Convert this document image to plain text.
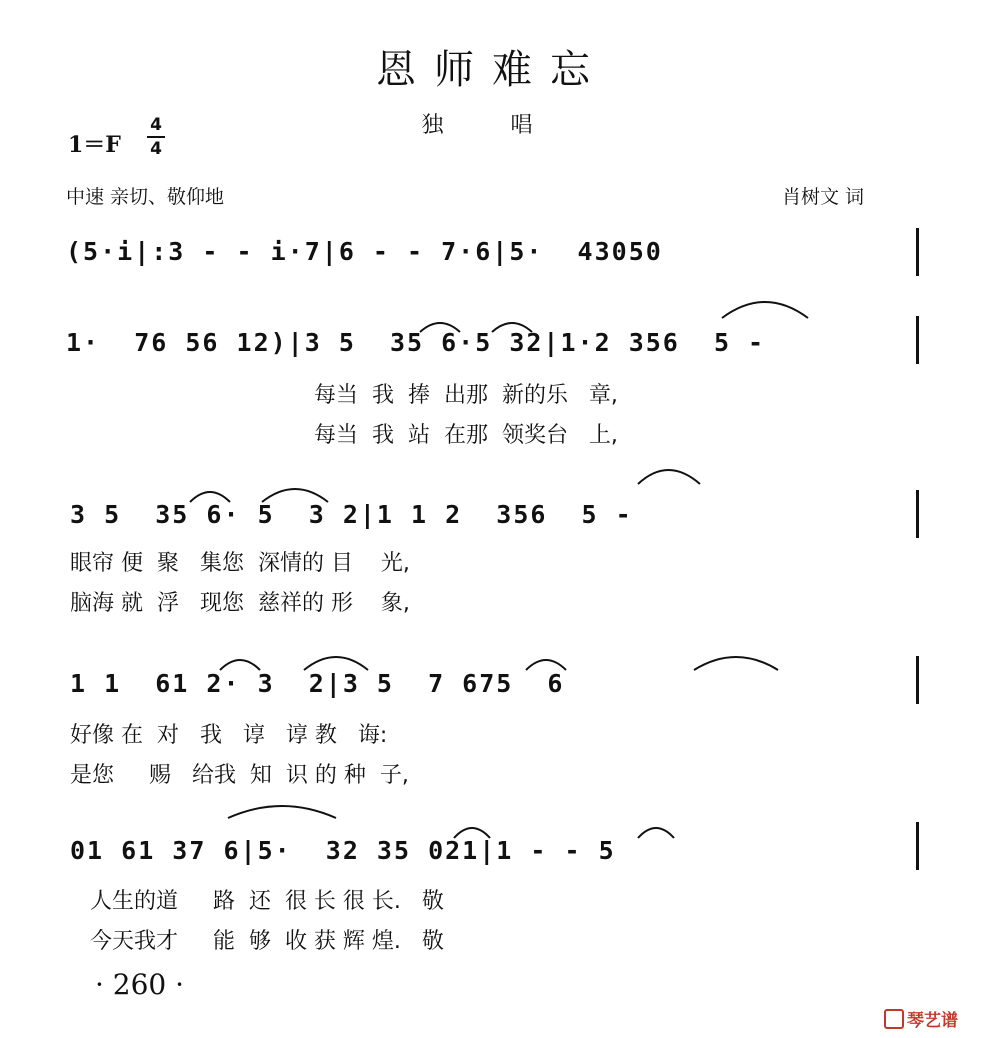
恩师难忘
独 唱
1＝F
4
4
中速 亲切、敬仰地	肖树文 词
(5·i|:3 - - i·7|6 - - 7·6|5·  43050
1·  76 56 12)|3 5  35 6·5 32|1·2 356  5 -
每当  我  捧  出那  新的乐   章,
每当  我  站  在那  领奖台   上,
3 5  35 6· 5  3 2|1 1 2  356  5 -
眼帘 便  聚   集您  深情的 目    光,
脑海 就  浮   现您  慈祥的 形    象,
1 1  61 2· 3  2|3 5  7 675  6
好像 在  对   我   谆   谆 教   诲:
是您     赐   给我  知  识 的 种  子,
01 61 37 6|5·  32 35 021|1 - - 5
人生的道     路  还  很 长 很 长.   敬
今天我才     能  够  收 获 辉 煌.   敬
· 260 ·
琴艺谱
